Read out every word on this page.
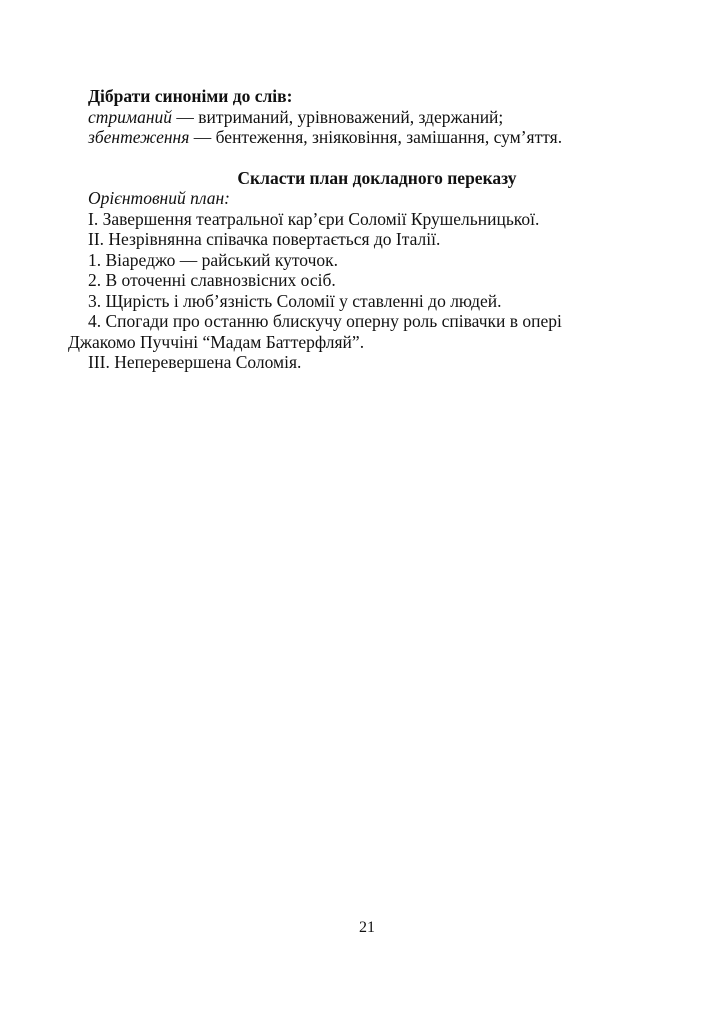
Дібрати синоніми до слів:
стриманий — витриманий, урівноважений, здержаний;
збентеження — бентеження, зніяковіння, замішання, сум’яття.
Скласти план докладного переказу
Орієнтовний план:
I. Завершення театральної кар’єри Соломії Крушельницької.
II. Незрівнянна співачка повертається до Італії.
1. Віареджо — райський куточок.
2. В оточенні славнозвісних осіб.
3. Щирість і люб’язність Соломії у ставленні до людей.
4. Спогади про останню блискучу оперну роль співачки в опері
Джакомо Пуччіні “Мадам Баттерфляй”.
III. Неперевершена Соломія.
21
